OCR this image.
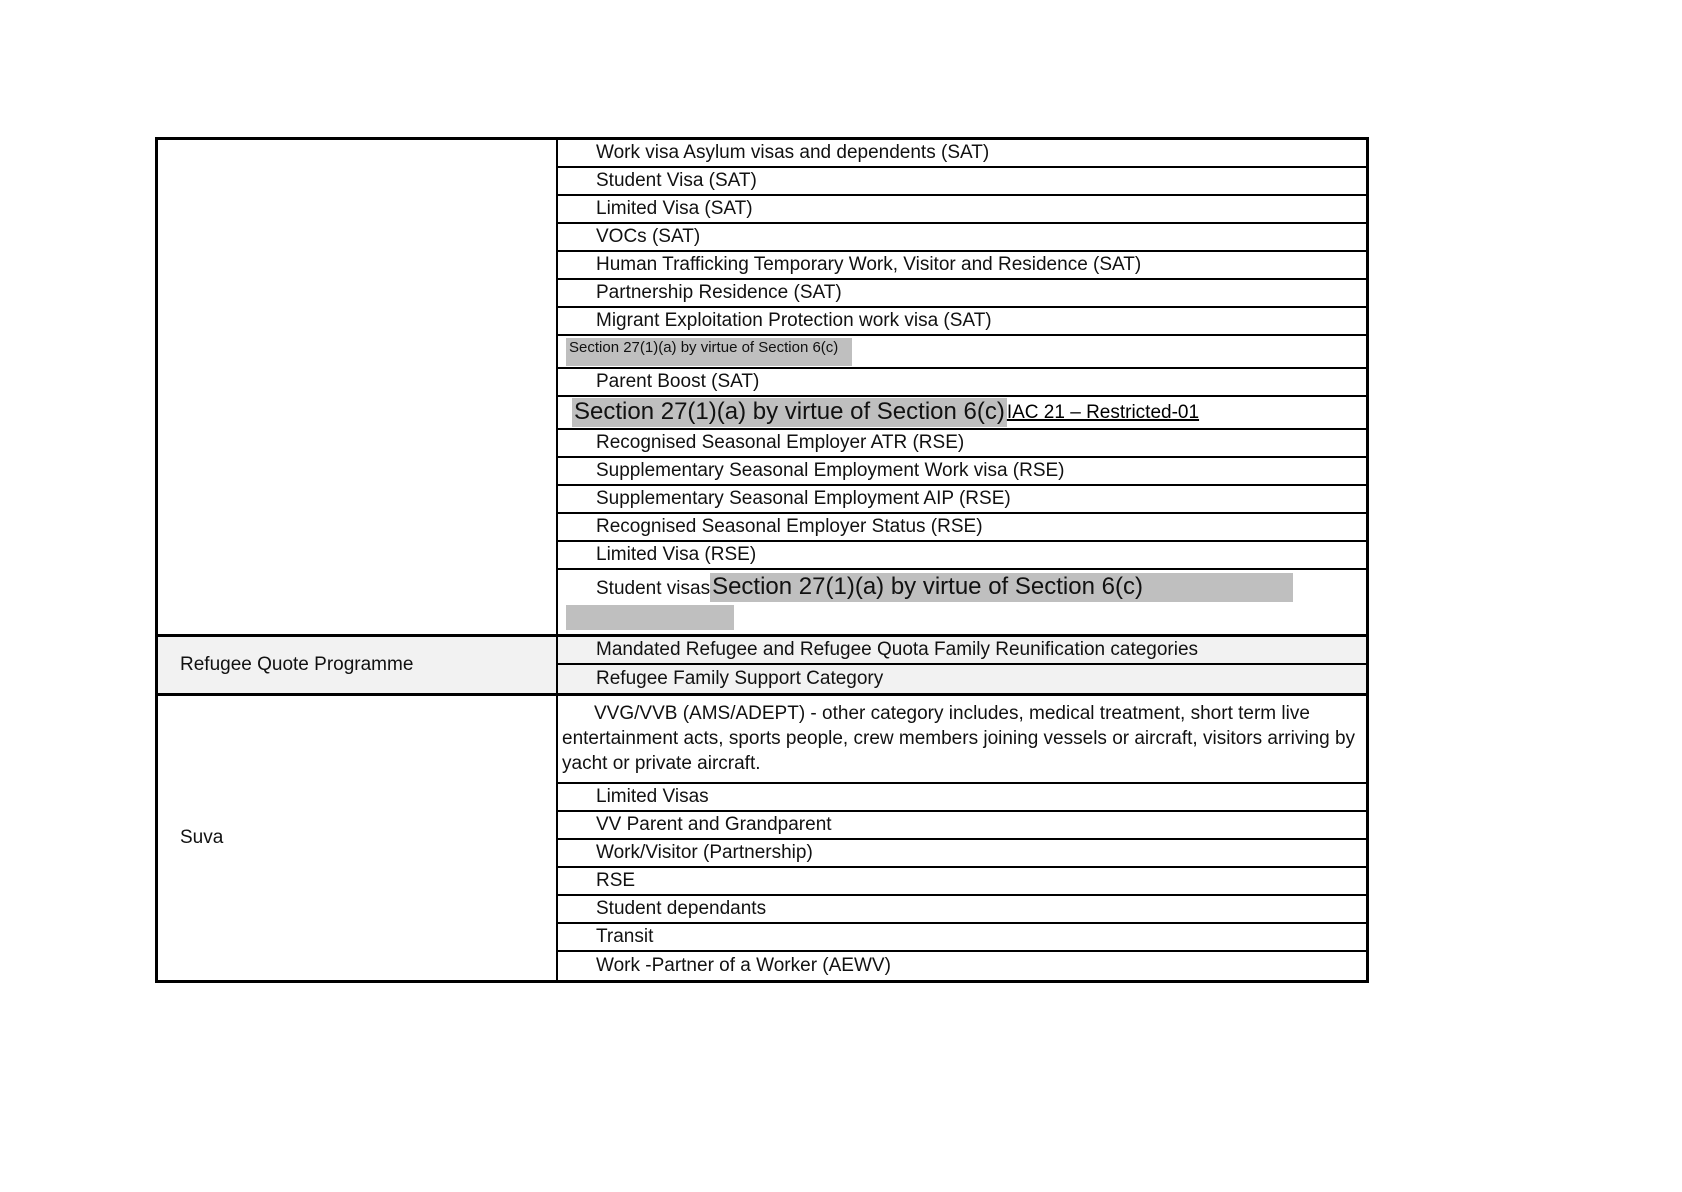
Work visa Asylum visas and dependents (SAT)
Student Visa (SAT)
Limited Visa (SAT)
VOCs (SAT)
Human Trafficking Temporary Work, Visitor and Residence (SAT)
Partnership Residence (SAT)
Migrant Exploitation Protection work visa (SAT)
Section 27(1)(a) by virtue of Section 6(c)
Parent Boost (SAT)
Section 27(1)(a) by virtue of Section 6(c) IAC 21 – Restricted-01
Recognised Seasonal Employer ATR (RSE)
Supplementary Seasonal Employment Work visa (RSE)
Supplementary Seasonal Employment AIP (RSE)
Recognised Seasonal Employer Status (RSE)
Limited Visa (RSE)
Student visas Section 27(1)(a) by virtue of Section 6(c)
Refugee Quote Programme
Mandated Refugee and Refugee Quota Family Reunification categories
Refugee Family Support Category
Suva
VVG/VVB (AMS/ADEPT) - other category includes, medical treatment, short term live entertainment acts, sports people, crew members joining vessels or aircraft, visitors arriving by yacht or private aircraft.
Limited Visas
VV Parent and Grandparent
Work/Visitor (Partnership)
RSE
Student dependants
Transit
Work -Partner of a Worker (AEWV)
